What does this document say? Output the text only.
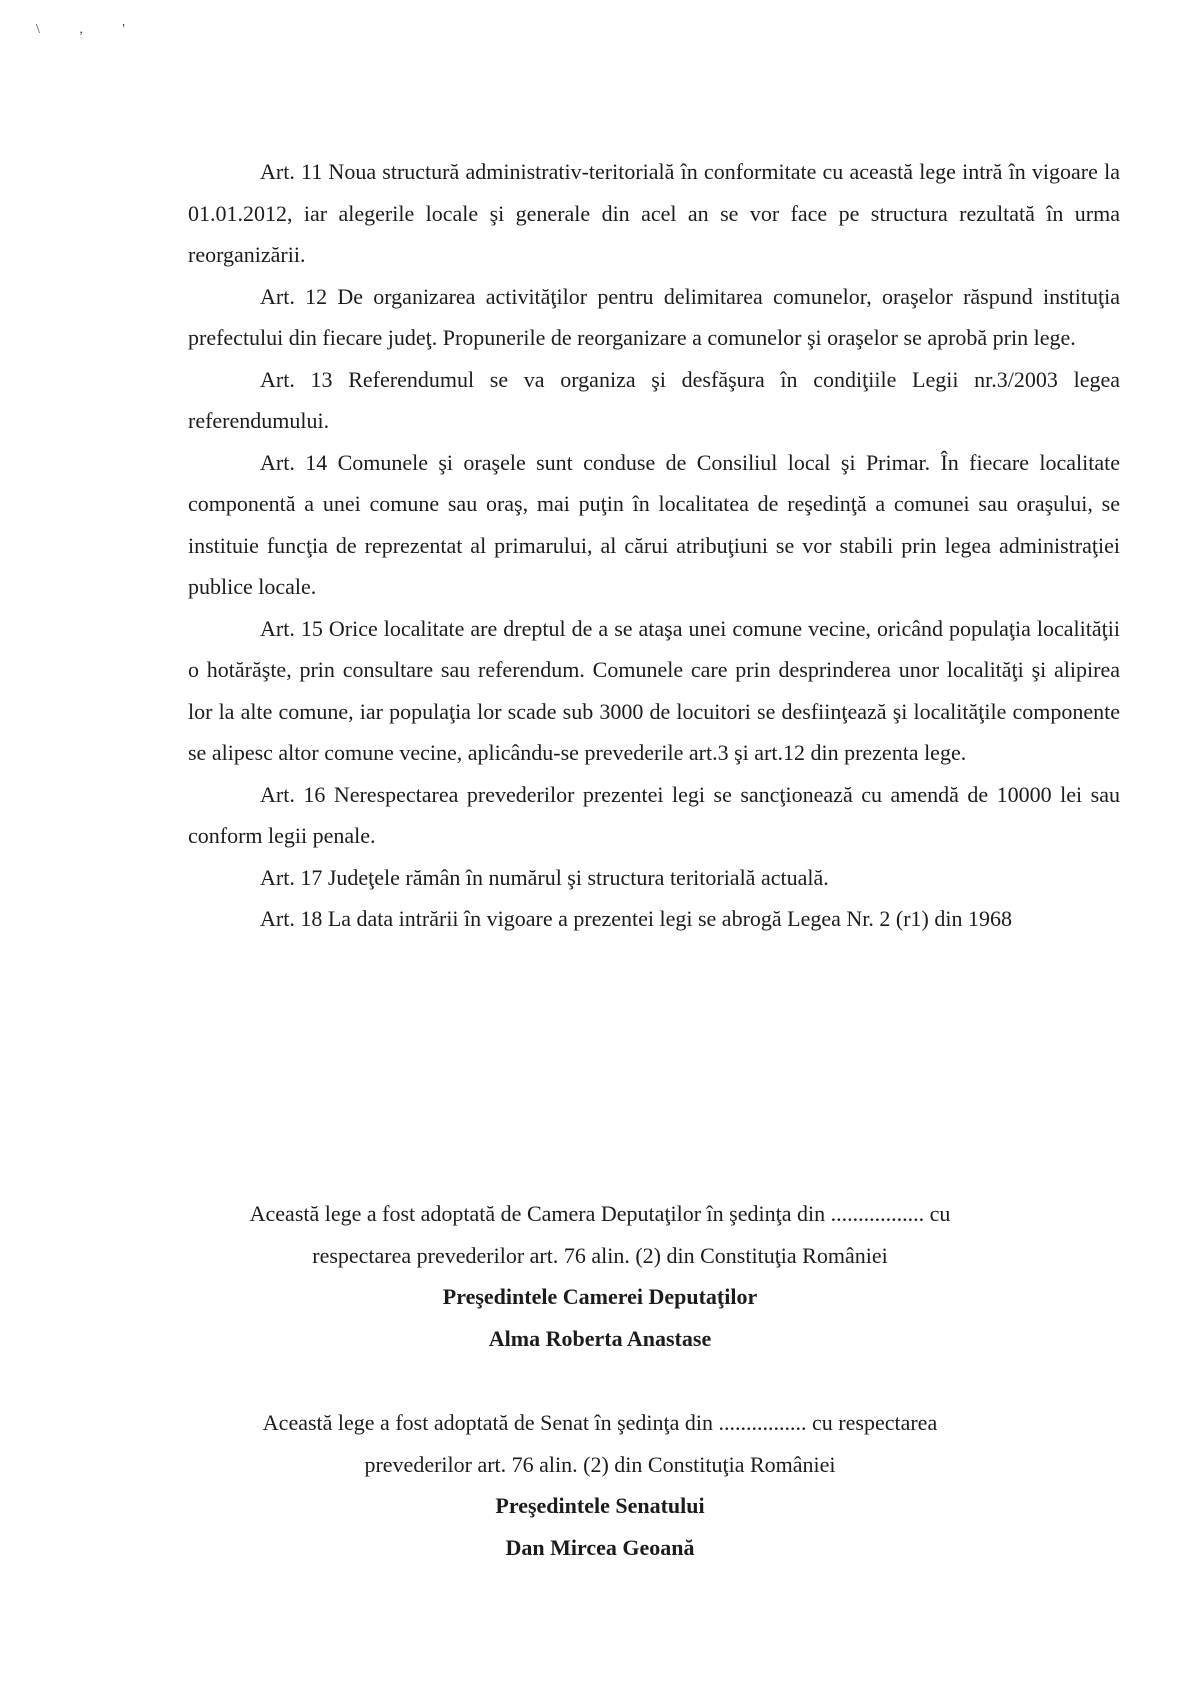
\ , '

Art. 11 Noua structură administrativ-teritorială în conformitate cu această lege intră în vigoare la 01.01.2012, iar alegerile locale şi generale din acel an se vor face pe structura rezultată în urma reorganizării.

Art. 12 De organizarea activităţilor pentru delimitarea comunelor, oraşelor răspund instituţia prefectului din fiecare judeţ. Propunerile de reorganizare a comunelor şi oraşelor se aprobă prin lege.

Art. 13 Referendumul se va organiza şi desfăşura în condiţiile Legii nr.3/2003 legea referendumului.

Art. 14 Comunele şi oraşele sunt conduse de Consiliul local şi Primar. În fiecare localitate componentă a unei comune sau oraş, mai puţin în localitatea de reşedinţă a comunei sau oraşului, se instituie funcţia de reprezentat al primarului, al cărui atribuţiuni se vor stabili prin legea administraţiei publice locale.

Art. 15 Orice localitate are dreptul de a se ataşa unei comune vecine, oricând populaţia localităţii o hotărăşte, prin consultare sau referendum. Comunele care prin desprinderea unor localităţi şi alipirea lor la alte comune, iar populaţia lor scade sub 3000 de locuitori se desfiinţează şi localităţile componente se alipesc altor comune vecine, aplicându-se prevederile art.3 şi art.12 din prezenta lege.

Art. 16 Nerespectarea prevederilor prezentei legi se sancţionează cu amendă de 10000 lei sau conform legii penale.

Art. 17 Judeţele rămân în numărul şi structura teritorială actuală.

Art. 18 La data intrării în vigoare a prezentei legi se abrogă Legea Nr. 2 (r1) din 1968

Această lege a fost adoptată de Camera Deputaţilor în şedinţa din ................. cu

respectarea prevederilor art. 76 alin. (2) din Constituţia României

Preşedintele Camerei Deputaţilor

Alma Roberta Anastase

Această lege a fost adoptată de Senat în şedinţa din ................ cu respectarea

prevederilor art. 76 alin. (2) din Constituţia României

Preşedintele Senatului

Dan Mircea Geoană
